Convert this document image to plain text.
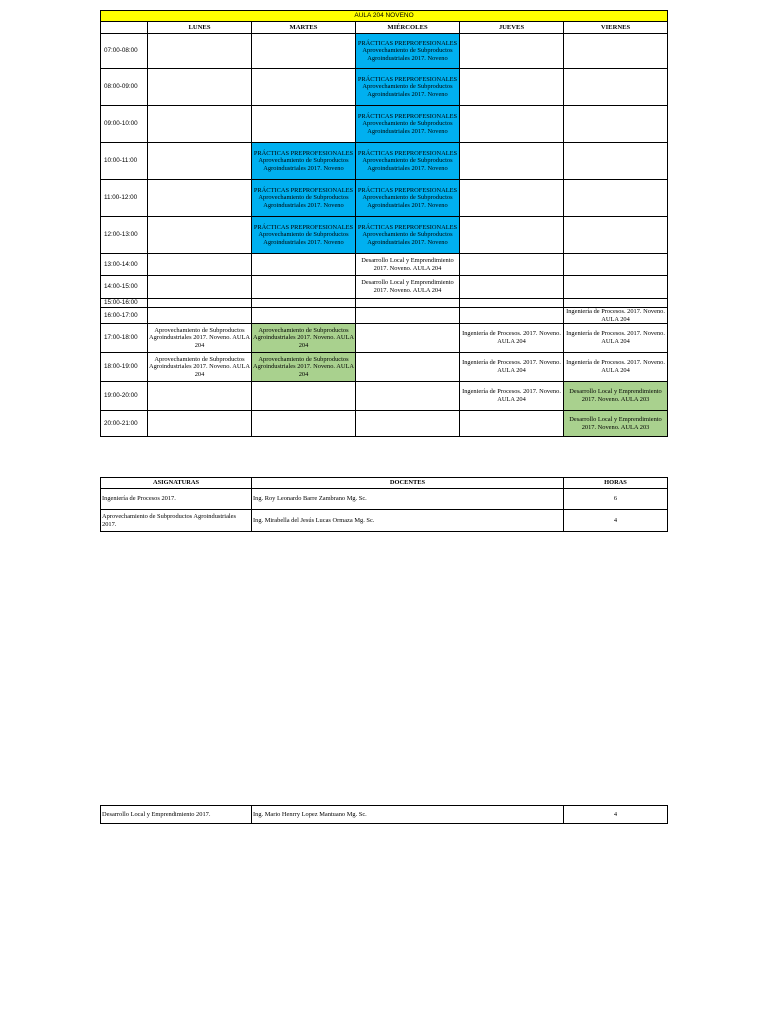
AULA 204 NOVENO					
	LUNES	MARTES	MIÉRCOLES	JUEVES	VIERNES
07:00-08:00			PRÁCTICAS PREPROFESIONALES Aprovechamiento de Subproductos Agroindustriales 2017. Noveno		

08:00-09:00			PRÁCTICAS PREPROFESIONALES Aprovechamiento de Subproductos Agroindustriales 2017. Noveno		

09:00-10:00			PRÁCTICAS PREPROFESIONALES Aprovechamiento de Subproductos Agroindustriales 2017. Noveno		

10:00-11:00		PRÁCTICAS PREPROFESIONALES Aprovechamiento de Subproductos Agroindustriales 2017. Noveno	PRÁCTICAS PREPROFESIONALES Aprovechamiento de Subproductos Agroindustriales 2017. Noveno		

11:00-12:00		PRÁCTICAS PREPROFESIONALES Aprovechamiento de Subproductos Agroindustriales 2017. Noveno	PRÁCTICAS PREPROFESIONALES Aprovechamiento de Subproductos Agroindustriales 2017. Noveno		

12:00-13:00		PRÁCTICAS PREPROFESIONALES Aprovechamiento de Subproductos Agroindustriales 2017. Noveno	PRÁCTICAS PREPROFESIONALES Aprovechamiento de Subproductos Agroindustriales 2017. Noveno		

13:00-14:00			Desarrollo Local y Emprendimiento 2017. Noveno. AULA 204		

14:00-15:00			Desarrollo Local y Emprendimiento 2017. Noveno. AULA 204		

15:00-16:00	

16:00-17:00					Ingeniería de Procesos. 2017. Noveno. AULA 204

17:00-18:00	Aprovechamiento de Subproductos Agroindustriales 2017. Noveno. AULA 204	Aprovechamiento de Subproductos Agroindustriales 2017. Noveno. AULA 204		Ingeniería de Procesos. 2017. Noveno. AULA 204	Ingeniería de Procesos. 2017. Noveno. AULA 204

18:00-19:00	Aprovechamiento de Subproductos Agroindustriales 2017. Noveno. AULA 204	Aprovechamiento de Subproductos Agroindustriales 2017. Noveno. AULA 204		Ingeniería de Procesos. 2017. Noveno. AULA 204	Ingeniería de Procesos. 2017. Noveno. AULA 204

19:00-20:00				Ingeniería de Procesos. 2017. Noveno. AULA 204	Desarrollo Local y Emprendimiento 2017. Noveno. AULA 203

20:00-21:00					Desarrollo Local y Emprendimiento 2017. Noveno. AULA 203
ASIGNATURAS	DOCENTES	HORAS
Ingeniería de Procesos 2017.	Ing. Roy Leonardo Barre Zambrano Mg. Sc.	6
Aprovechamiento de Subproductos Agroindustriales 2017.	Ing. Mirabella del Jesús Lucas Ormaza Mg. Sc.	4
Desarrollo Local y Emprendimiento 2017.	Ing. Mario Henrry Lopez Mantuano Mg. Sc.	4
